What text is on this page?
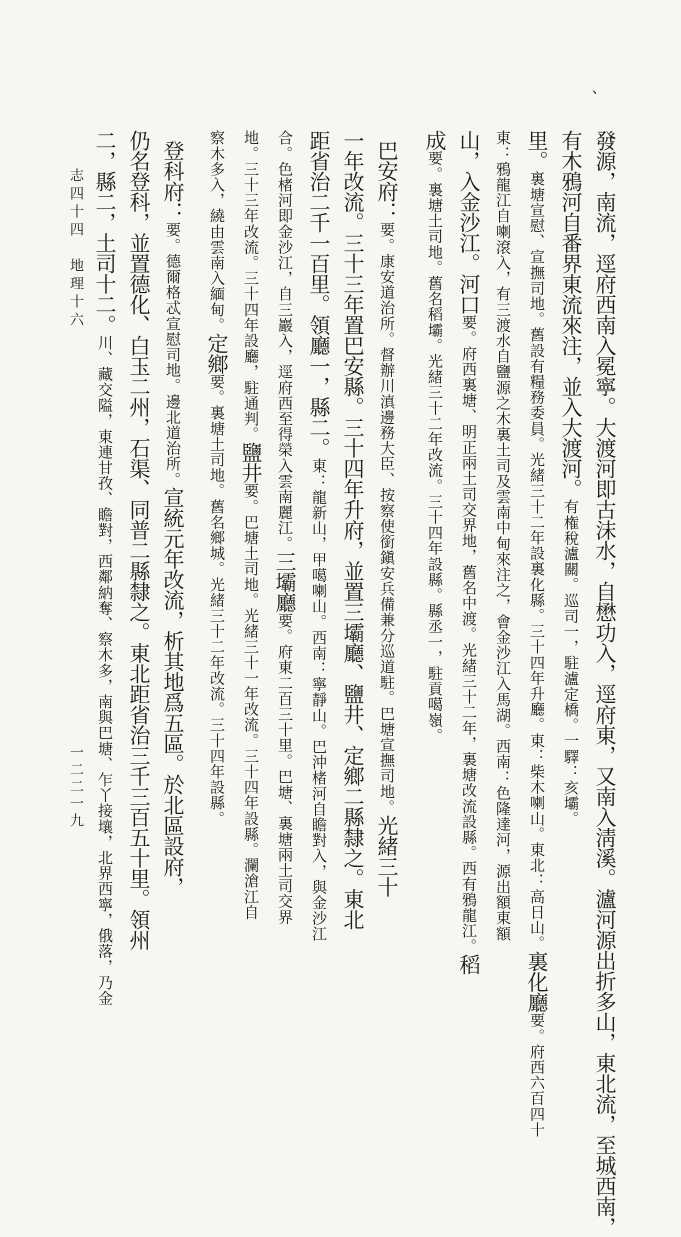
、
發源，南流，逕府西南入冕寧。大渡河即古沫水，自懋功入，逕府東，又南入淸溪。瀘河源出折多山，東北流，至城西南，
有木鴉河自番界東流來注，並入大渡河。有権稅瀘關。巡司一，駐瀘定橋。一驛：亥壩。
里。裏塘宣慰、宣撫司地。舊設有糧務委員。光緒三十二年設裏化縣。三十四年升廳。東：柴木喇山。東北：高日山。裏化廳要。府西六百四十
東：鴉龍江自喇滾入，有三渡水自鹽源之木裏土司及雲南中甸來注之，會金沙江入馬湖。西南：色隆達河，源出額東額
山，入金沙江。河口要。府西裏塘、明正兩土司交界地，舊名中渡。光緒三十二年，裏塘改流設縣。西有鴉龍江。稻
成要。裏塘土司地。舊名稻壩。光緒三十二年改流。三十四年設縣。縣丞一，駐貢噶嶺。
巴安府：要。康安道治所。督辦川滇邊務大臣、按察使銜鎭安兵備兼分巡道駐。巴塘宣撫司地。光緒三十
一年改流。三十三年置巴安縣。三十四年升府，並置三壩廳、鹽井、定鄉二縣隸之。東北
距省治二千一百里。領廳一，縣二。東：龍新山，甲噶喇山。西南：寧靜山。巴沖楮河自瞻對入，與金沙江
合。色楮河即金沙江，自三巖入，逕府西至得榮入雲南麗江。三壩廳要。府東二百三十里。巴塘、裏塘兩土司交界
地。三十三年改流。三十四年設廳，駐通判。鹽井要。巴塘土司地。光緒三十一年改流。三十四年設縣。瀾滄江自
察木多入，繞由雲南入緬甸。定鄉要。裏塘土司地。舊名鄉城。光緒三十二年改流。三十四年設縣。
登科府：要。德爾格忒宣慰司地。邊北道治所。宣統元年改流，析其地爲五區。於北區設府，
仍名登科，並置德化、白玉二州，石渠、同普二縣隸之。東北距省治三千三百五十里。領州
二，縣二，土司十二。川、藏交隘，東連甘孜、瞻對，西鄰納奪、察木多，南與巴塘、乍丫接壤，北界西寧，俄落，乃金
志四十四　地理十六
一二二一九
